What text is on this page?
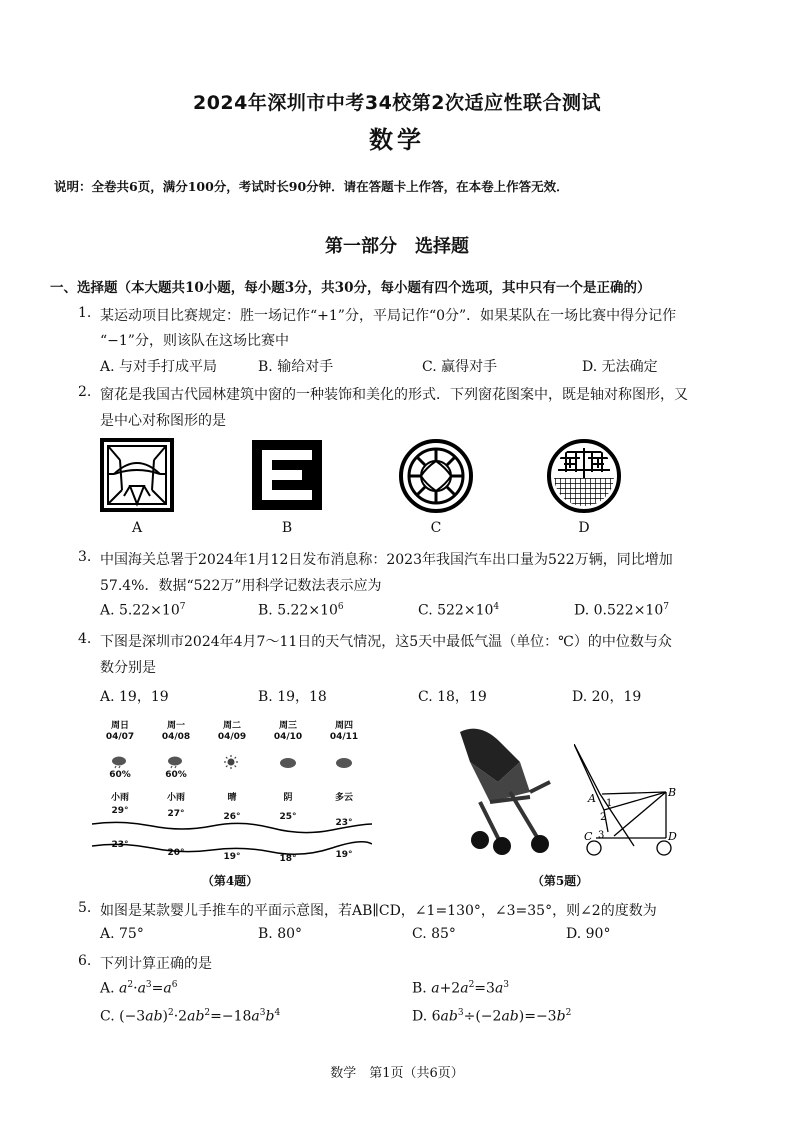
2024年深圳市中考34校第2次适应性联合测试
数学
说明：全卷共6页，满分100分，考试时长90分钟．请在答题卡上作答，在本卷上作答无效．
第一部分　选择题
一、选择题（本大题共10小题，每小题3分，共30分，每小题有四个选项，其中只有一个是正确的）
1. 某运动项目比赛规定：胜一场记作“+1”分，平局记作“0分”．如果某队在一场比赛中得分记作
“−1”分，则该队在这场比赛中
A. 与对手打成平局	B. 输给对手	C. 赢得对手	D. 无法确定
2. 窗花是我国古代园林建筑中窗的一种装饰和美化的形式．下列窗花图案中，既是轴对称图形，又
是中心对称图形的是
A	B	C	D
3. 中国海关总署于2024年1月12日发布消息称：2023年我国汽车出口量为522万辆，同比增加
57.4%．数据“522万”用科学记数法表示应为
A. $5.22\times 10^7$	B. $5.22\times 10^6$	C. $522\times 10^4$	D. $0.522\times 10^7$
4. 下图是深圳市2024年4月7～11日的天气情况，这5天中最低气温（单位：℃）的中位数与众
数分别是
A. 19，19	B. 19，18	C. 18，19	D. 20，19
周日
04/07
60%
小雨
29°
23°
周一
04/08
60%
小雨
27°
20°
周二
04/09
晴
26°
19°
周三
04/10
阴
25°
18°
周四
04/11
多云
23°
19°
（第4题）
A	B
C	D
2
1
3
（第5题）
5. 如图是某款婴儿手推车的平面示意图，若AB∥CD，∠1=130°，∠3=35°，则∠2的度数为
A. 75°	B. 80°	C. 85°	D. 90°
6. 下列计算正确的是
A. $a^2\cdot a^3=a^6$	B. $a+2a^2=3a^3$
C. $(-3ab)^2\cdot 2ab^2=-18a^3b^4$	D. $6ab^3\div(-2ab)=-3b^2$
数学　第1页（共6页）
